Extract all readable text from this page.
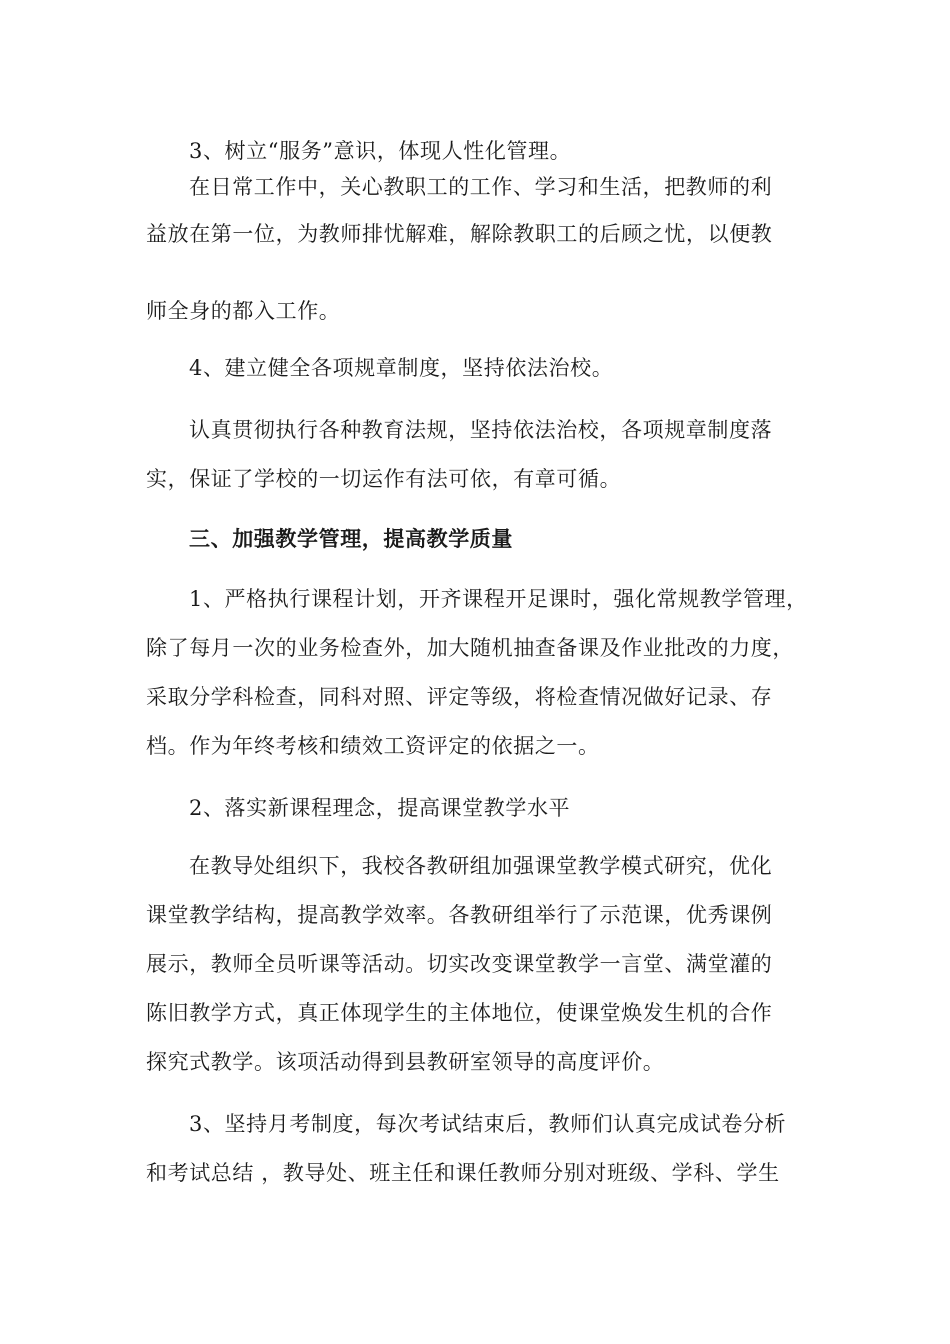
3、树立“服务”意识，体现人性化管理。
在日常工作中，关心教职工的工作、学习和生活，把教师的利
益放在第一位，为教师排忧解难，解除教职工的后顾之忧，以便教
师全身的都入工作。
4、建立健全各项规章制度，坚持依法治校。
认真贯彻执行各种教育法规，坚持依法治校，各项规章制度落
实，保证了学校的一切运作有法可依，有章可循。
三、加强教学管理，提高教学质量
1、严格执行课程计划，开齐课程开足课时，强化常规教学管理，
除了每月一次的业务检查外，加大随机抽查备课及作业批改的力度，
采取分学科检查，同科对照、评定等级，将检查情况做好记录、存
档。作为年终考核和绩效工资评定的依据之一。
2、落实新课程理念，提高课堂教学水平
在教导处组织下，我校各教研组加强课堂教学模式研究，优化
课堂教学结构，提高教学效率。各教研组举行了示范课，优秀课例
展示，教师全员听课等活动。切实改变课堂教学一言堂、满堂灌的
陈旧教学方式，真正体现学生的主体地位，使课堂焕发生机的合作
探究式教学。该项活动得到县教研室领导的高度评价。
3、坚持月考制度，每次考试结束后，教师们认真完成试卷分析
和考试总结 ，教导处、班主任和课任教师分别对班级、学科、学生
